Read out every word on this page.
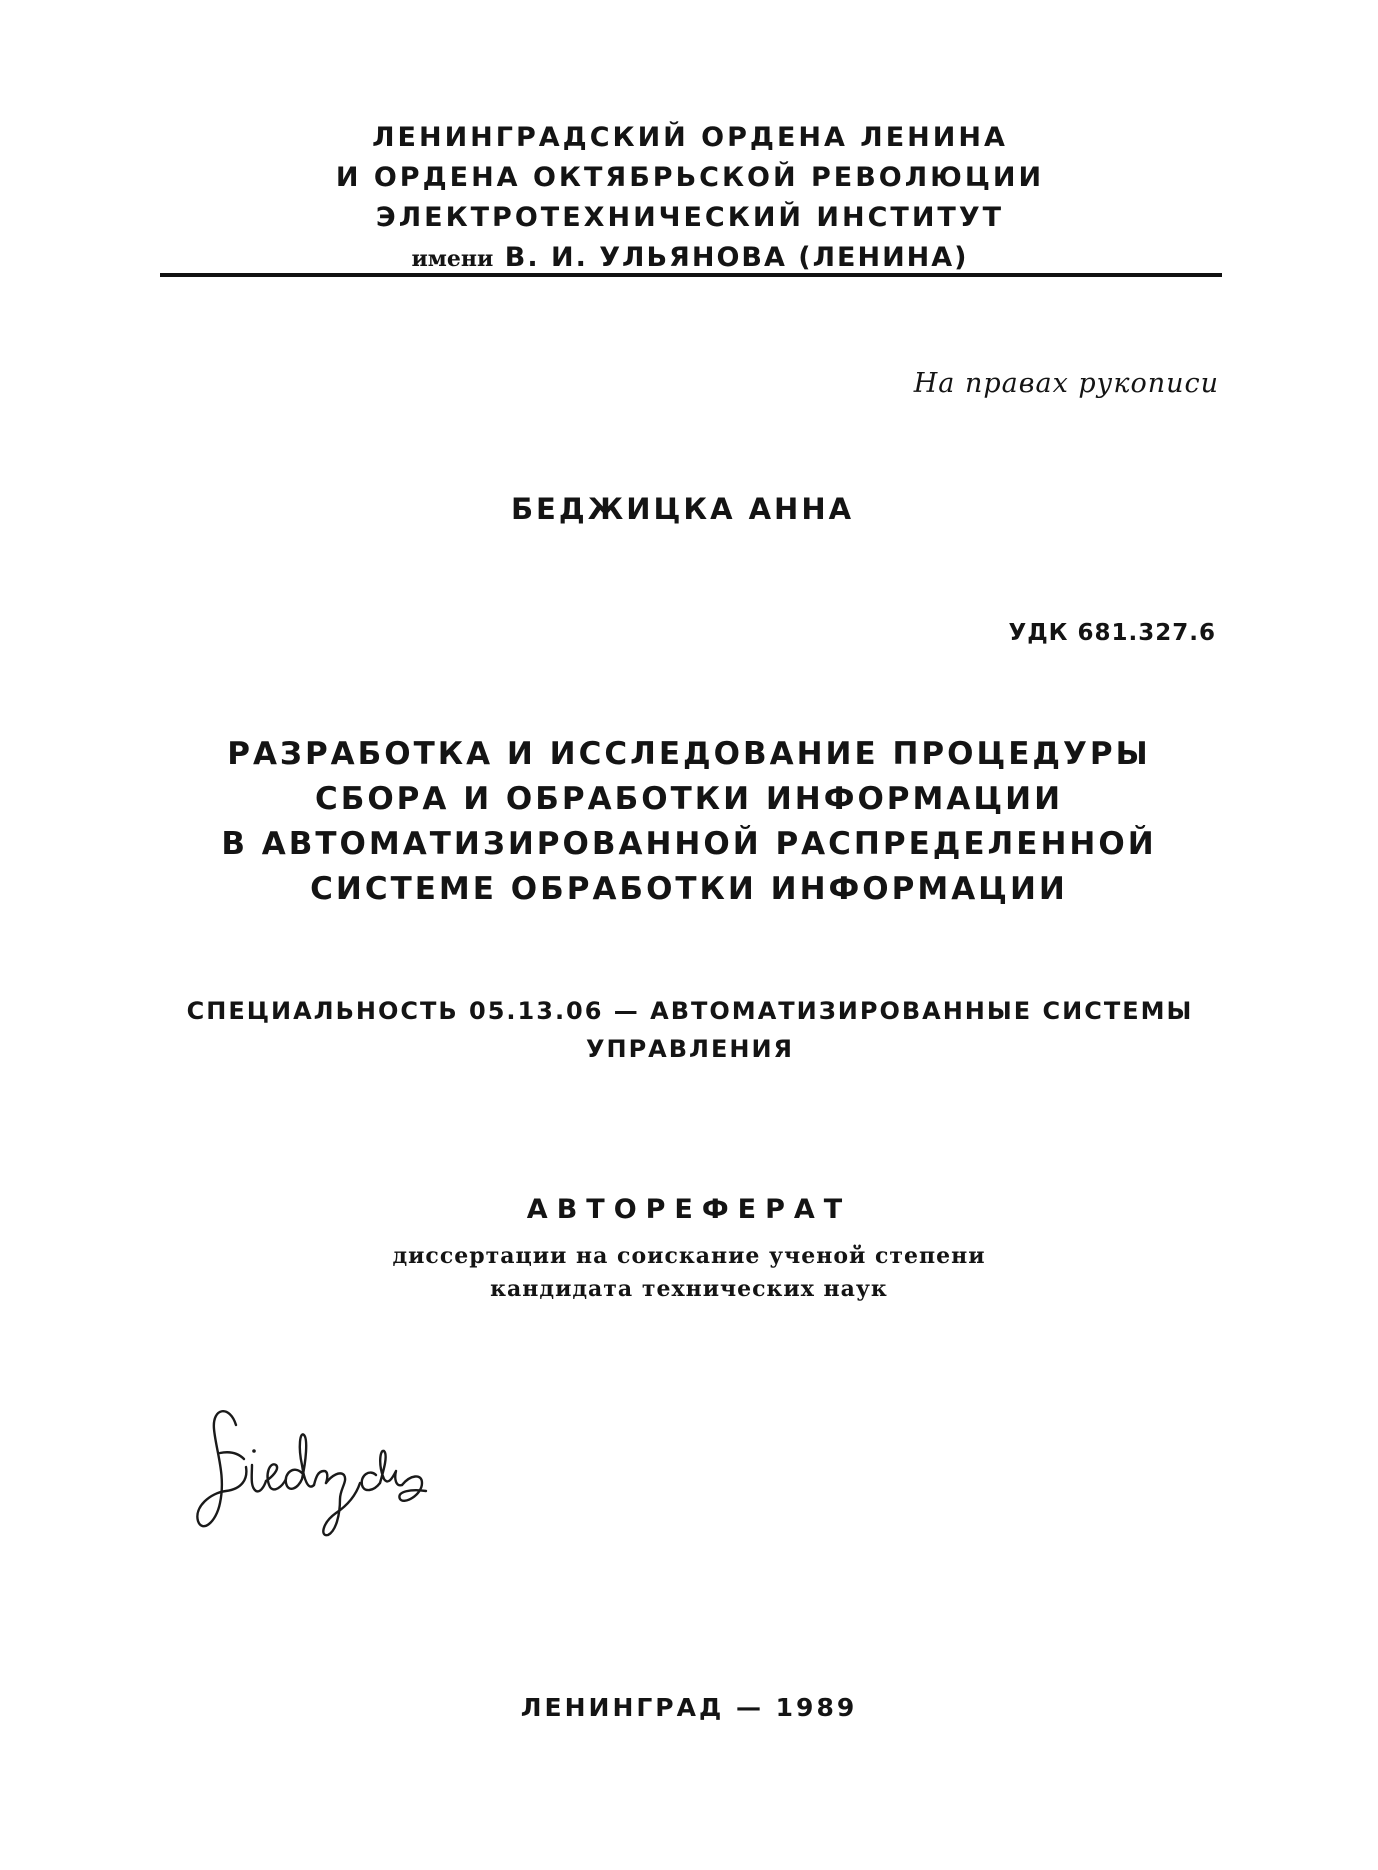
ЛЕНИНГРАДСКИЙ ОРДЕНА ЛЕНИНА
И ОРДЕНА ОКТЯБРЬСКОЙ РЕВОЛЮЦИИ
ЭЛЕКТРОТЕХНИЧЕСКИЙ ИНСТИТУТ
имени В. И. УЛЬЯНОВА (ЛЕНИНА)
На правах рукописи
БЕДЖИЦКА АННА
УДК 681.327.6
РАЗРАБОТКА И ИССЛЕДОВАНИЕ ПРОЦЕДУРЫ
СБОРА И ОБРАБОТКИ ИНФОРМАЦИИ
В АВТОМАТИЗИРОВАННОЙ РАСПРЕДЕЛЕННОЙ
СИСТЕМЕ ОБРАБОТКИ ИНФОРМАЦИИ
СПЕЦИАЛЬНОСТЬ 05.13.06 — АВТОМАТИЗИРОВАННЫЕ СИСТЕМЫ
УПРАВЛЕНИЯ
АВТОРЕФЕРАТ
диссертации на соискание ученой степени
кандидата технических наук
ЛЕНИНГРАД — 1989
